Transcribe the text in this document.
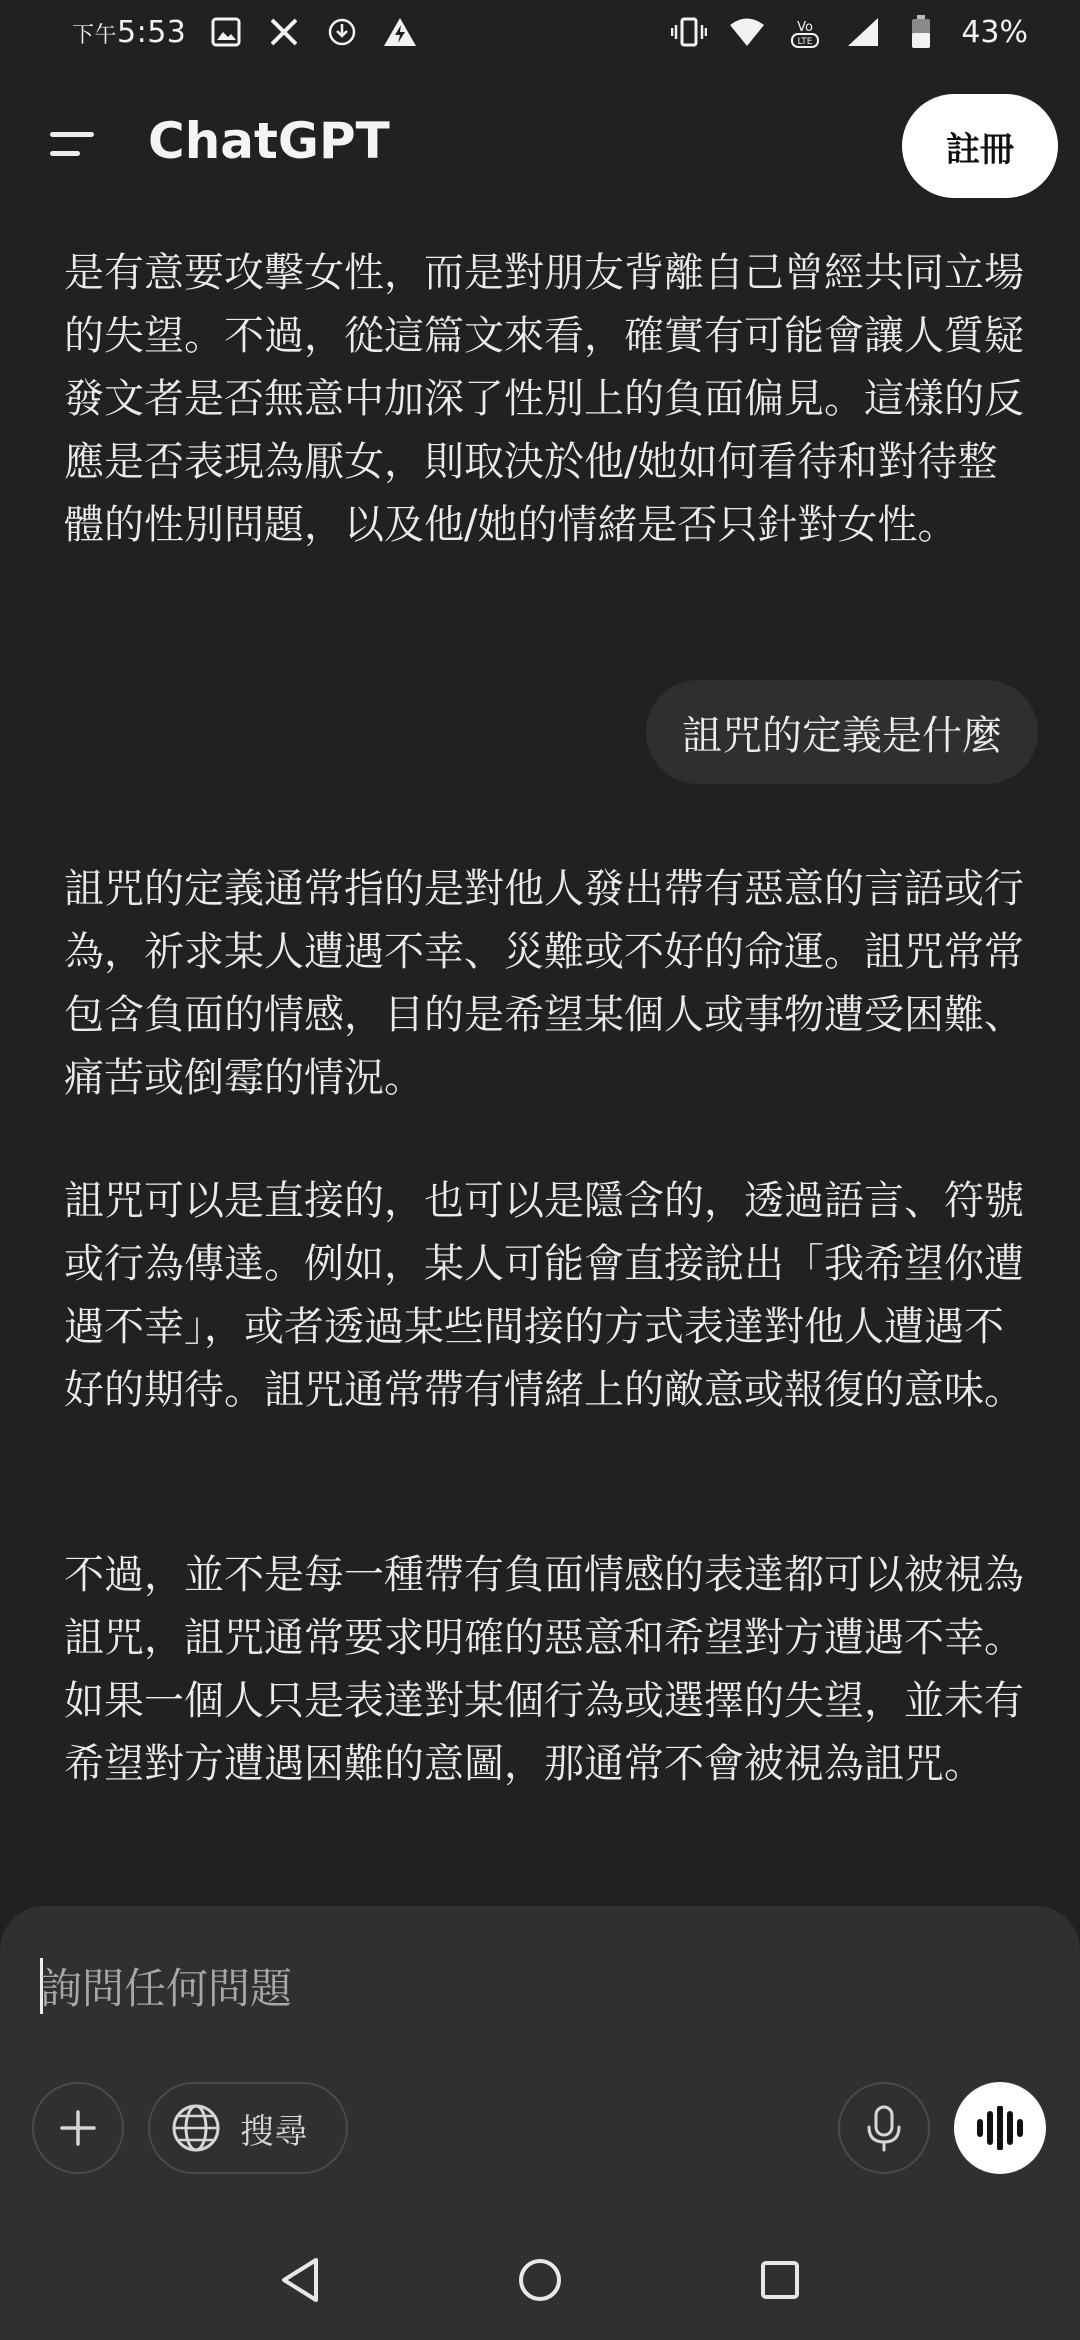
下午5:53	Vo
LTE	43%
ChatGPT	註冊
是有意要攻擊女性，而是對朋友背離自己曾經共同立場的失望。不過，從這篇文來看，確實有可能會讓人質疑發文者是否無意中加深了性別上的負面偏見。這樣的反應是否表現為厭女，則取決於他/她如何看待和對待整體的性別問題，以及他/她的情緒是否只針對女性。
詛咒的定義是什麼
詛咒的定義通常指的是對他人發出帶有惡意的言語或行為，祈求某人遭遇不幸、災難或不好的命運。詛咒常常包含負面的情感，目的是希望某個人或事物遭受困難、痛苦或倒霉的情況。
詛咒可以是直接的，也可以是隱含的，透過語言、符號或行為傳達。例如，某人可能會直接說出「我希望你遭遇不幸」，或者透過某些間接的方式表達對他人遭遇不好的期待。詛咒通常帶有情緒上的敵意或報復的意味。
不過，並不是每一種帶有負面情感的表達都可以被視為詛咒，詛咒通常要求明確的惡意和希望對方遭遇不幸。如果一個人只是表達對某個行為或選擇的失望，並未有希望對方遭遇困難的意圖，那通常不會被視為詛咒。
詢問任何問題
搜尋
